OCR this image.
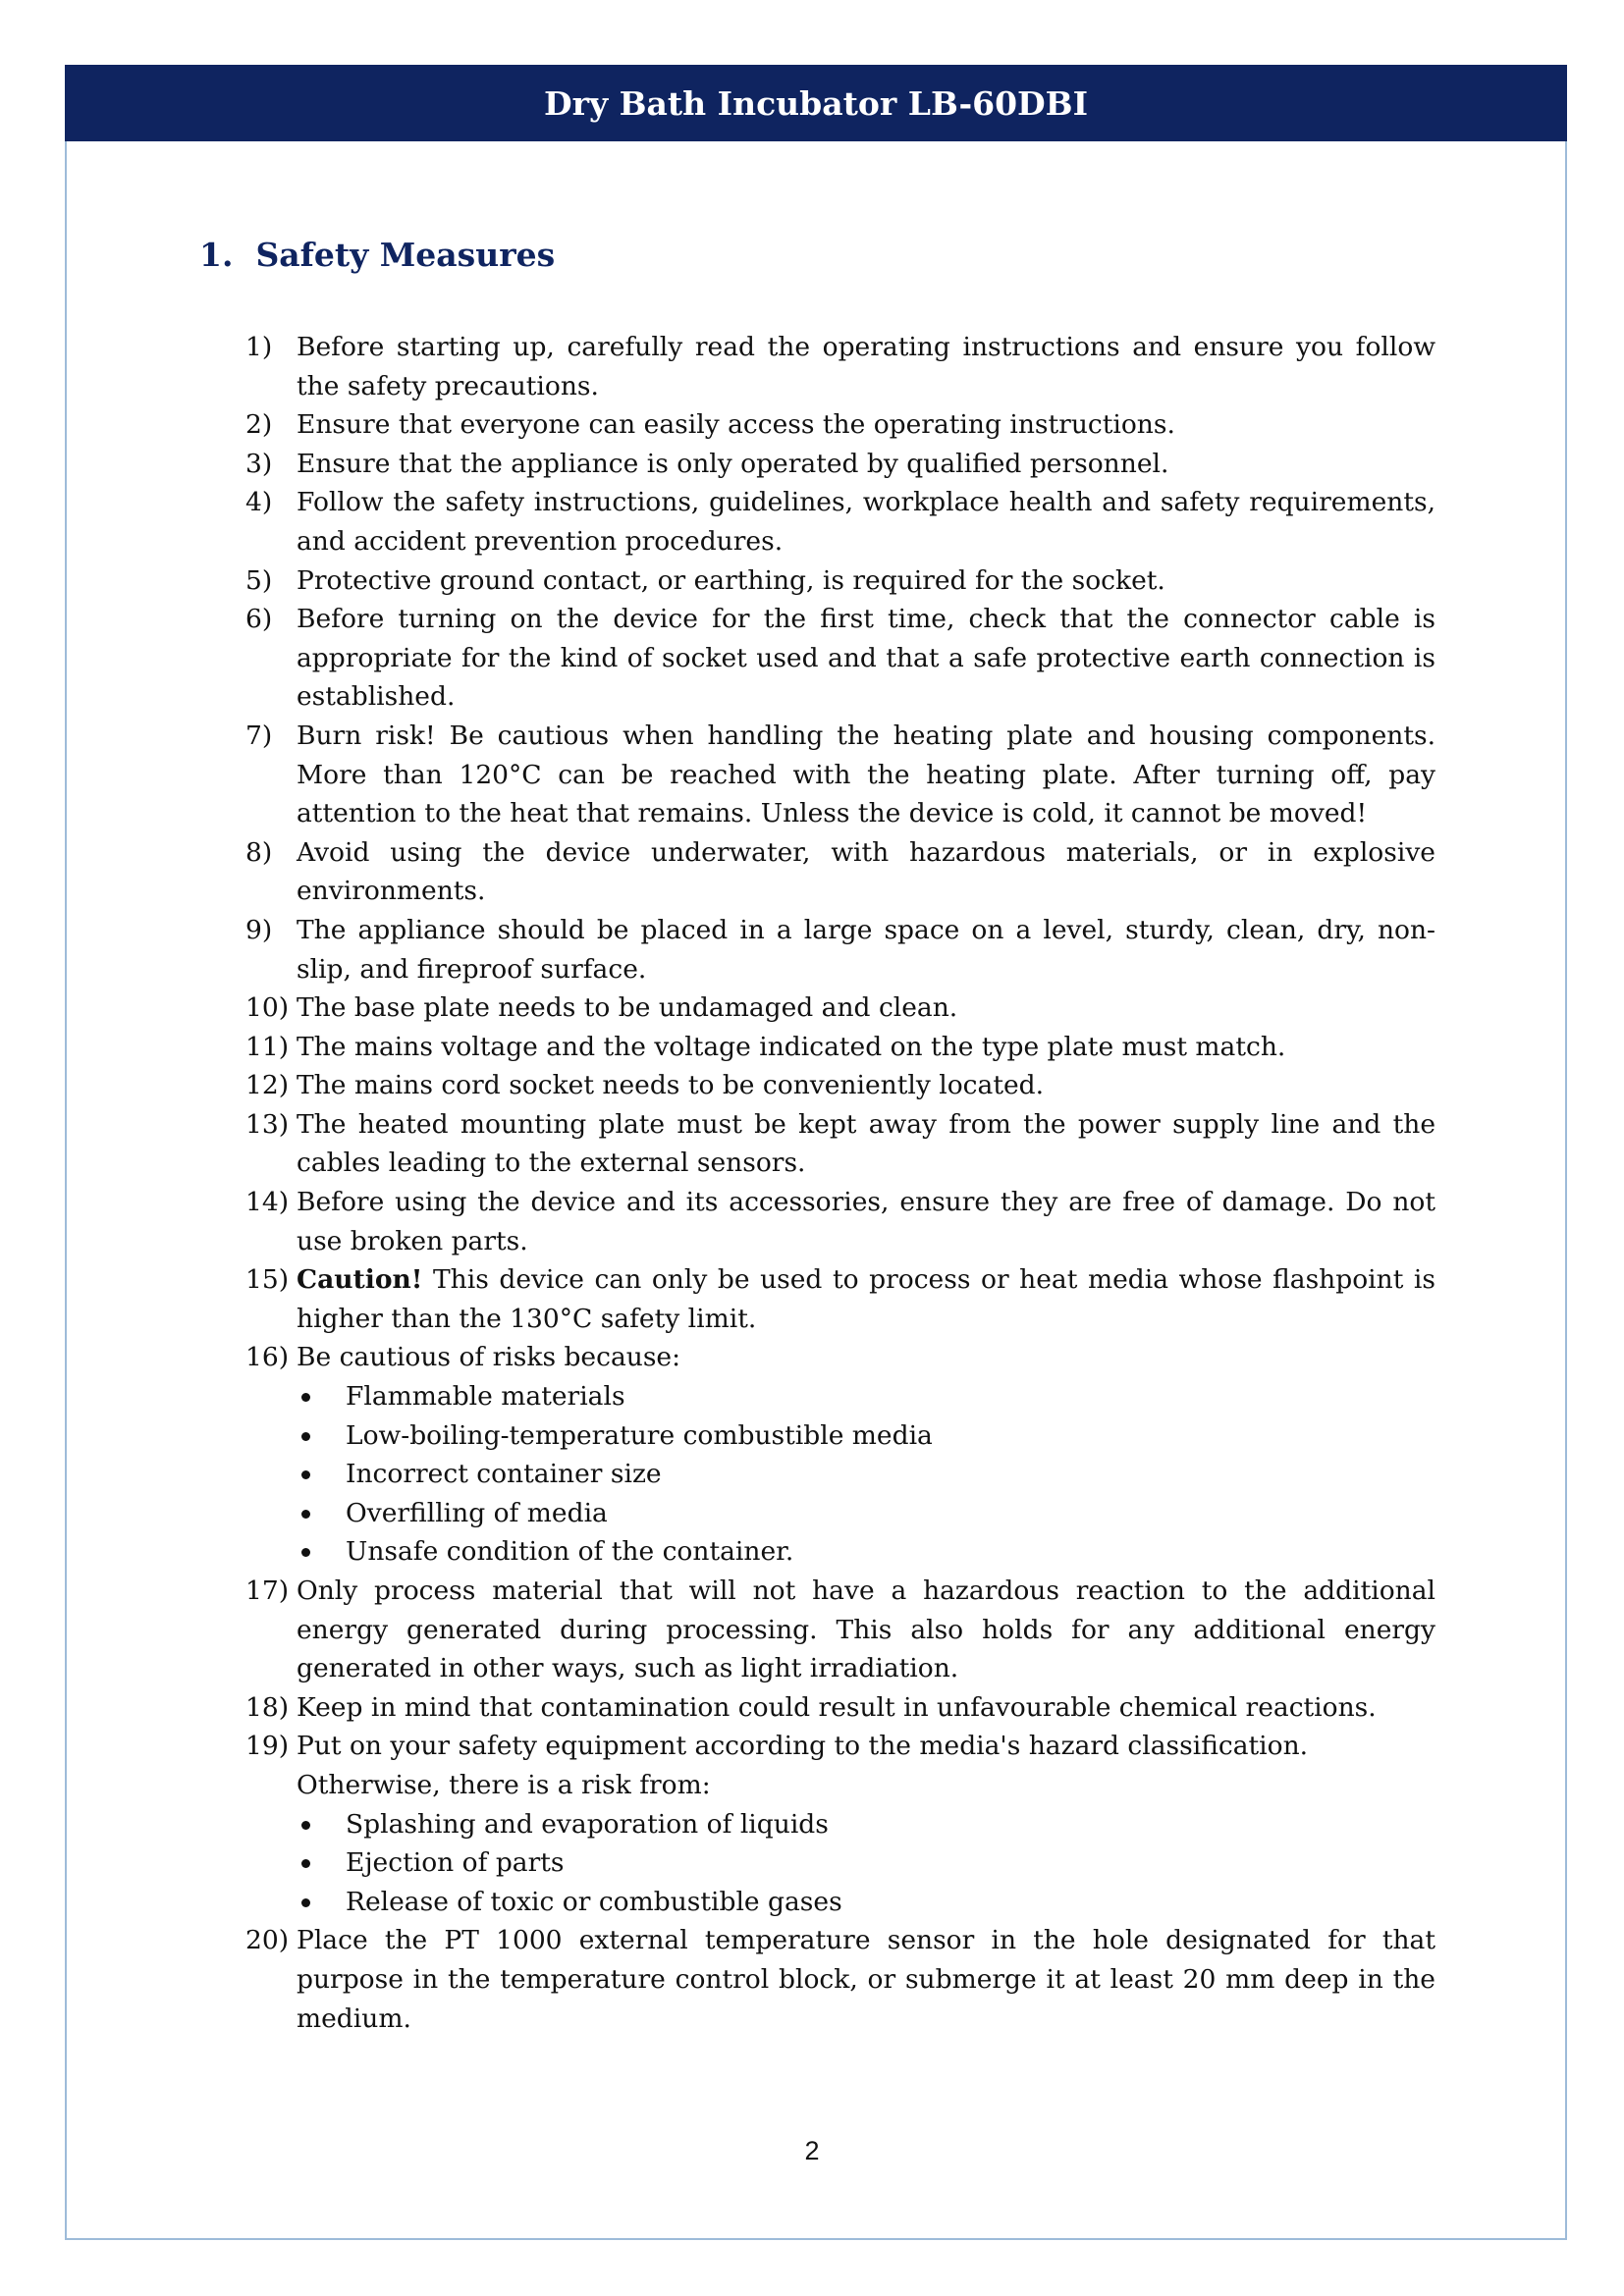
Dry Bath Incubator LB-60DBI
1. Safety Measures
1) Before starting up, carefully read the operating instructions and ensure you follow the safety precautions.
2) Ensure that everyone can easily access the operating instructions.
3) Ensure that the appliance is only operated by qualified personnel.
4) Follow the safety instructions, guidelines, workplace health and safety requirements, and accident prevention procedures.
5) Protective ground contact, or earthing, is required for the socket.
6) Before turning on the device for the first time, check that the connector cable is appropriate for the kind of socket used and that a safe protective earth connection is established.
7) Burn risk! Be cautious when handling the heating plate and housing components. More than 120°C can be reached with the heating plate. After turning off, pay attention to the heat that remains. Unless the device is cold, it cannot be moved!
8) Avoid using the device underwater, with hazardous materials, or in explosive environments.
9) The appliance should be placed in a large space on a level, sturdy, clean, dry, non-slip, and fireproof surface.
10) The base plate needs to be undamaged and clean.
11) The mains voltage and the voltage indicated on the type plate must match.
12) The mains cord socket needs to be conveniently located.
13) The heated mounting plate must be kept away from the power supply line and the cables leading to the external sensors.
14) Before using the device and its accessories, ensure they are free of damage. Do not use broken parts.
15) Caution! This device can only be used to process or heat media whose flashpoint is higher than the 130°C safety limit.
16) Be cautious of risks because:
Flammable materials
Low-boiling-temperature combustible media
Incorrect container size
Overfilling of media
Unsafe condition of the container.
17) Only process material that will not have a hazardous reaction to the additional energy generated during processing. This also holds for any additional energy generated in other ways, such as light irradiation.
18) Keep in mind that contamination could result in unfavourable chemical reactions.
19) Put on your safety equipment according to the media's hazard classification. Otherwise, there is a risk from:
Splashing and evaporation of liquids
Ejection of parts
Release of toxic or combustible gases
20) Place the PT 1000 external temperature sensor in the hole designated for that purpose in the temperature control block, or submerge it at least 20 mm deep in the medium.
2
